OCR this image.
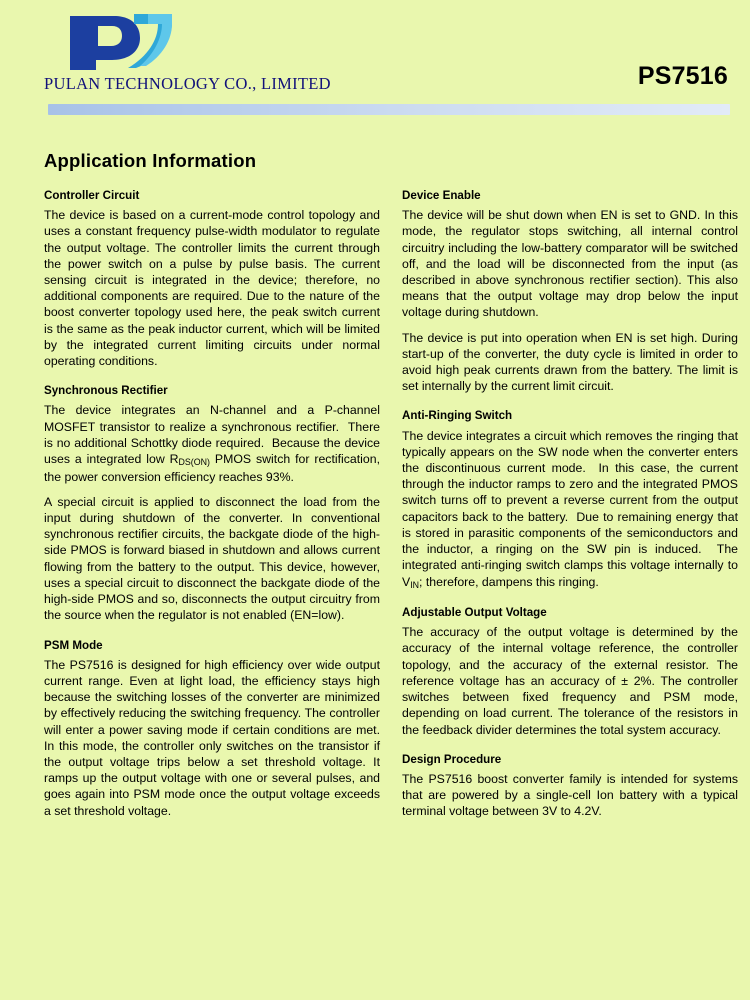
PULAN TECHNOLOGY CO., LIMITED	PS7516
Application Information
Controller Circuit

The device is based on a current-mode control topology and uses a constant frequency pulse-width modulator to regulate the output voltage. The controller limits the current through the power switch on a pulse by pulse basis. The current sensing circuit is integrated in the device; therefore, no additional components are required. Due to the nature of the boost converter topology used here, the peak switch current is the same as the peak inductor current, which will be limited by the integrated current limiting circuits under normal operating conditions.

Synchronous Rectifier

The device integrates an N-channel and a P-channel MOSFET transistor to realize a synchronous rectifier.  There is no additional Schottky diode required.  Because the device uses a integrated low $R_{DS(ON)}$ PMOS switch for rectification, the power conversion efficiency reaches 93%.

A special circuit is applied to disconnect the load from the input during shutdown of the converter. In conventional synchronous rectifier circuits, the backgate diode of the high-side PMOS is forward biased in shutdown and allows current flowing from the battery to the output. This device, however, uses a special circuit to disconnect the backgate diode of the high-side PMOS and so, disconnects the output circuitry from the source when the regulator is not enabled (EN=low).

PSM Mode

The PS7516 is designed for high efficiency over wide output current range. Even at light load, the efficiency stays high because the switching losses of the converter are minimized by effectively reducing the switching frequency. The controller will enter a power saving mode if certain conditions are met. In this mode, the controller only switches on the transistor if the output voltage trips below a set threshold voltage. It ramps up the output voltage with one or several pulses, and goes again into PSM mode once the output voltage exceeds a set threshold voltage.

Device Enable

The device will be shut down when EN is set to GND. In this mode, the regulator stops switching, all internal control circuitry including the low-battery comparator will be switched off, and the load will be disconnected from the input (as described in above synchronous rectifier section). This also means that the output voltage may drop below the input voltage during shutdown.

The device is put into operation when EN is set high. During start-up of the converter, the duty cycle is limited in order to avoid high peak currents drawn from the battery. The limit is set internally by the current limit circuit.

Anti-Ringing Switch

The device integrates a circuit which removes the ringing that typically appears on the SW node when the converter enters the discontinuous current mode.  In this case, the current through the inductor ramps to zero and the integrated PMOS switch turns off to prevent a reverse current from the output capacitors back to the battery.  Due to remaining energy that is stored in parasitic components of the semiconductors and the inductor, a ringing on the SW pin is induced.  The integrated anti-ringing switch clamps this voltage internally to $V_{IN}$; therefore, dampens this ringing.

Adjustable Output Voltage

The accuracy of the output voltage is determined by the accuracy of the internal voltage reference, the controller topology, and the accuracy of the external resistor. The reference voltage has an accuracy of ± 2%. The controller switches between fixed frequency and PSM mode, depending on load current. The tolerance of the resistors in the feedback divider determines the total system accuracy.

Design Procedure

The PS7516 boost converter family is intended for systems that are powered by a single-cell Ion battery with a typical terminal voltage between 3V to 4.2V.
